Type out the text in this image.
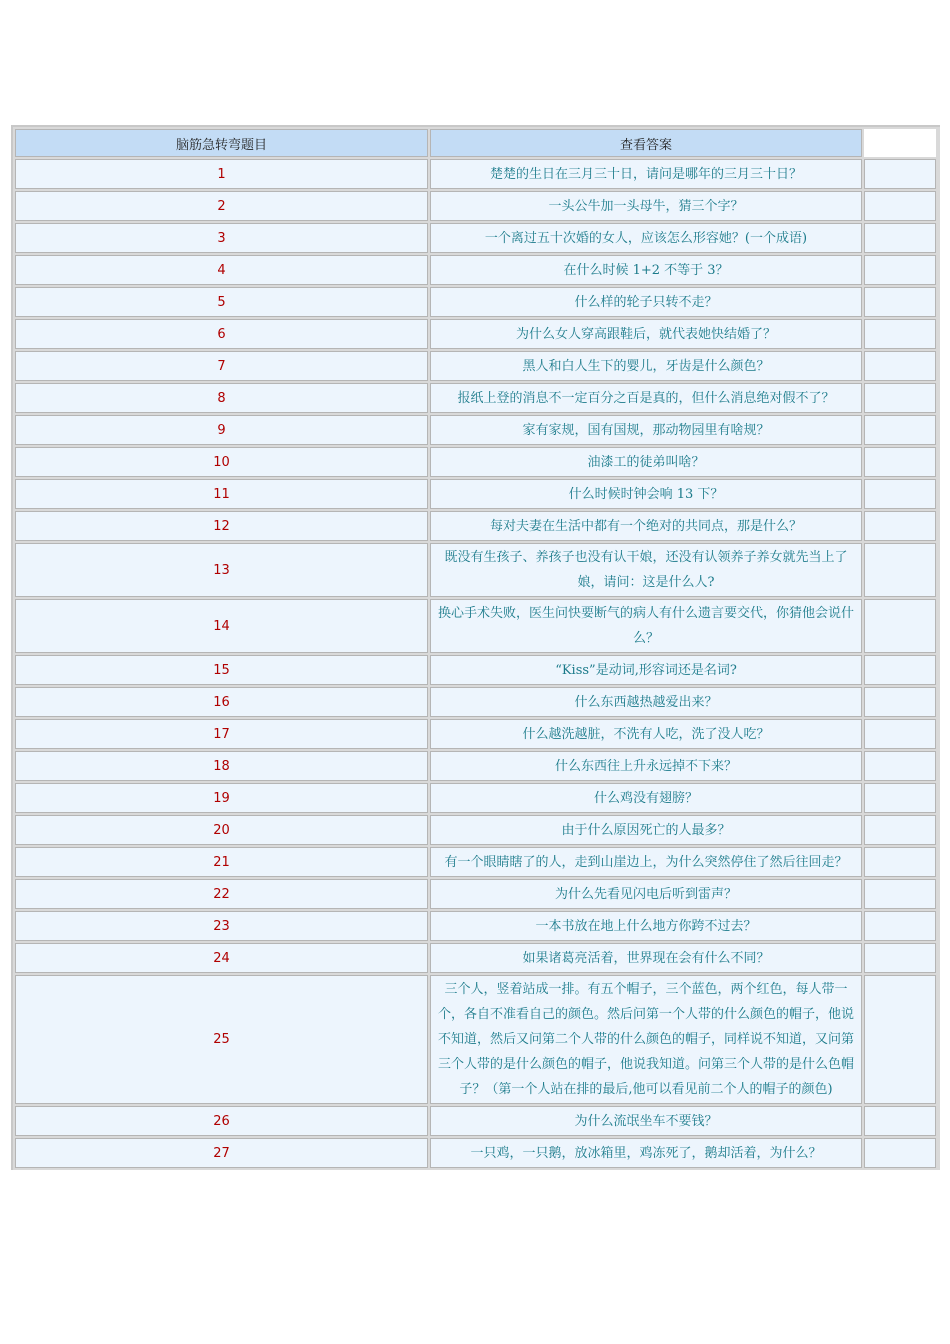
脑筋急转弯题目	查看答案	
1	楚楚的生日在三月三十日，请问是哪年的三月三十日？	
2	一头公牛加一头母牛，猜三个字？	
3	一个离过五十次婚的女人，应该怎么形容她？(一个成语)	
4	在什么时候 1+2 不等于 3？	
5	什么样的轮子只转不走？	
6	为什么女人穿高跟鞋后，就代表她快结婚了？	
7	黑人和白人生下的婴儿，牙齿是什么颜色？	
8	报纸上登的消息不一定百分之百是真的，但什么消息绝对假不了？	
9	家有家规，国有国规，那动物园里有啥规？	
10	油漆工的徒弟叫啥？	
11	什么时候时钟会响 13 下？	
12	每对夫妻在生活中都有一个绝对的共同点，那是什么？	
13	既没有生孩子、养孩子也没有认干娘，还没有认领养子养女就先当上了娘，请问：这是什么人?	
14	换心手术失败，医生问快要断气的病人有什么遗言要交代，你猜他会说什么？	
15	“Kiss”是动词,形容词还是名词?	
16	什么东西越热越爱出来？	
17	什么越洗越脏，不洗有人吃，洗了没人吃？	
18	什么东西往上升永远掉不下来？	
19	什么鸡没有翅膀？	
20	由于什么原因死亡的人最多？	
21	有一个眼睛瞎了的人，走到山崖边上，为什么突然停住了然后往回走？	
22	为什么先看见闪电后听到雷声？	
23	一本书放在地上什么地方你跨不过去？	
24	如果诸葛亮活着，世界现在会有什么不同？	
25	三个人，竖着站成一排。有五个帽子，三个蓝色，两个红色，每人带一个，各自不准看自己的颜色。然后问第一个人带的什么颜色的帽子，他说不知道，然后又问第二个人带的什么颜色的帽子，同样说不知道，又问第三个人带的是什么颜色的帽子，他说我知道。问第三个人带的是什么色帽子？（第一个人站在排的最后,他可以看见前二个人的帽子的颜色)	
26	为什么流氓坐车不要钱？	
27	一只鸡，一只鹅，放冰箱里，鸡冻死了，鹅却活着，为什么？	
